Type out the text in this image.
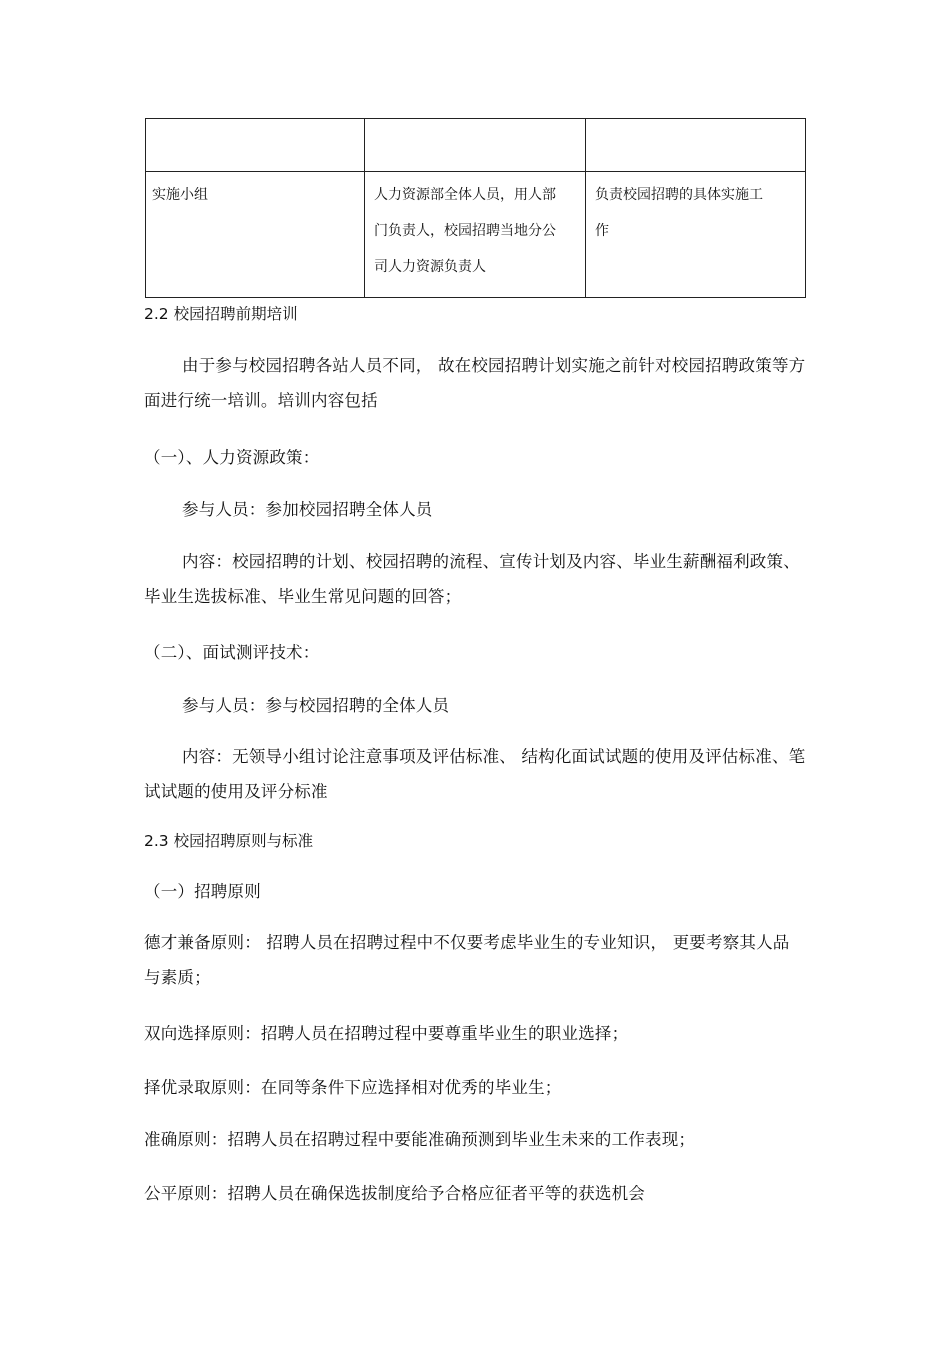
实施小组	人力资源部全体人员，用人部门负责人，校园招聘当地分公司人力资源负责人	负责校园招聘的具体实施工作
2.2 校园招聘前期培训
由于参与校园招聘各站人员不同， 故在校园招聘计划实施之前针对校园招聘政策等方面进行统一培训。培训内容包括
（一）、人力资源政策：
参与人员：参加校园招聘全体人员
内容：校园招聘的计划、校园招聘的流程、宣传计划及内容、毕业生薪酬福利政策、毕业生选拔标准、毕业生常见问题的回答；
（二）、面试测评技术：
参与人员：参与校园招聘的全体人员
内容：无领导小组讨论注意事项及评估标准、 结构化面试试题的使用及评估标准、笔试试题的使用及评分标准
2.3 校园招聘原则与标准
（一）招聘原则
德才兼备原则： 招聘人员在招聘过程中不仅要考虑毕业生的专业知识， 更要考察其人品与素质；
双向选择原则：招聘人员在招聘过程中要尊重毕业生的职业选择；
择优录取原则：在同等条件下应选择相对优秀的毕业生；
准确原则：招聘人员在招聘过程中要能准确预测到毕业生未来的工作表现；
公平原则：招聘人员在确保选拔制度给予合格应征者平等的获选机会
